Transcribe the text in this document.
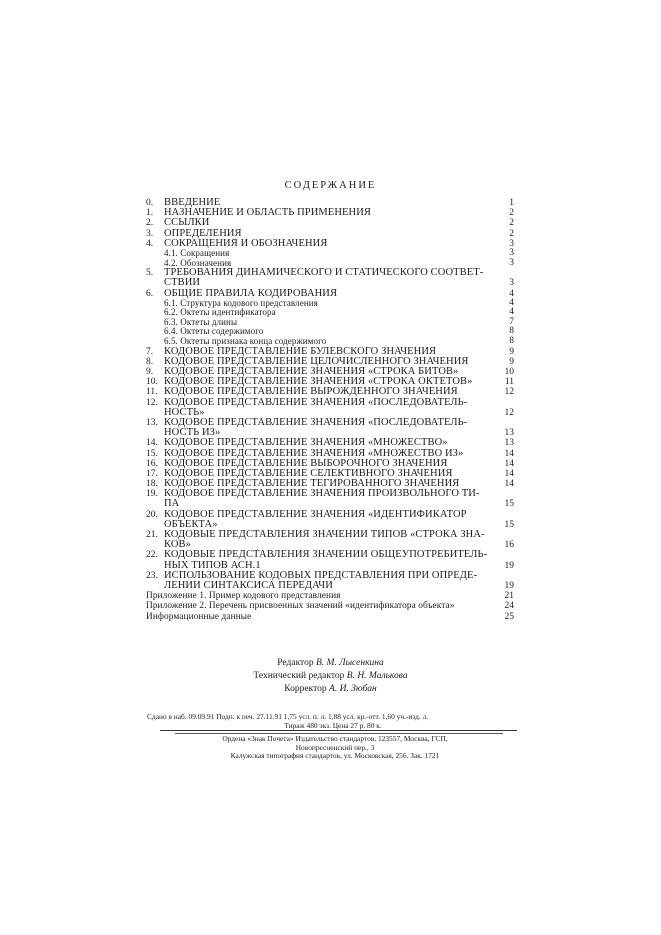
СОДЕРЖАНИЕ
0. ВВЕДЕНИЕ	1
1. НАЗНАЧЕНИЕ И ОБЛАСТЬ ПРИМЕНЕНИЯ	2
2. ССЫЛКИ	2
3. ОПРЕДЕЛЕНИЯ	2
4. СОКРАЩЕНИЯ И ОБОЗНАЧЕНИЯ	3
4.1. Сокращения	3
4.2. Обозначения	3
5. ТРЕБОВАНИЯ ДИНАМИЧЕСКОГО И СТАТИЧЕСКОГО СООТВЕТ-
СТВИЙ	3
6. ОБЩИЕ ПРАВИЛА КОДИРОВАНИЯ	4
6.1. Структура кодового представления	4
6.2. Октеты идентификатора	4
6.3. Октеты длины	7
6.4. Октеты содержимого	8
6.5. Октеты признака конца содержимого	8
7. КОДОВОЕ ПРЕДСТАВЛЕНИЕ БУЛЕВСКОГО ЗНАЧЕНИЯ	9
8. КОДОВОЕ ПРЕДСТАВЛЕНИЕ ЦЕЛОЧИСЛЕННОГО ЗНАЧЕНИЯ	9
9. КОДОВОЕ ПРЕДСТАВЛЕНИЕ ЗНАЧЕНИЯ «СТРОКА БИТОВ»	10
10. КОДОВОЕ ПРЕДСТАВЛЕНИЕ ЗНАЧЕНИЯ «СТРОКА ОКТЕТОВ»	11
11. КОДОВОЕ ПРЕДСТАВЛЕНИЕ ВЫРОЖДЕННОГО ЗНАЧЕНИЯ	12
12. КОДОВОЕ ПРЕДСТАВЛЕНИЕ ЗНАЧЕНИЯ «ПОСЛЕДОВАТЕЛЬ-
НОСТЬ»	12
13. КОДОВОЕ ПРЕДСТАВЛЕНИЕ ЗНАЧЕНИЯ «ПОСЛЕДОВАТЕЛЬ-
НОСТЬ ИЗ»	13
14. КОДОВОЕ ПРЕДСТАВЛЕНИЕ ЗНАЧЕНИЯ «МНОЖЕСТВО»	13
15. КОДОВОЕ ПРЕДСТАВЛЕНИЕ ЗНАЧЕНИЯ «МНОЖЕСТВО ИЗ»	14
16. КОДОВОЕ ПРЕДСТАВЛЕНИЕ ВЫБОРОЧНОГО ЗНАЧЕНИЯ	14
17. КОДОВОЕ ПРЕДСТАВЛЕНИЕ СЕЛЕКТИВНОГО ЗНАЧЕНИЯ	14
18. КОДОВОЕ ПРЕДСТАВЛЕНИЕ ТЕГИРОВАННОГО ЗНАЧЕНИЯ	14
19. КОДОВОЕ ПРЕДСТАВЛЕНИЕ ЗНАЧЕНИЯ ПРОИЗВОЛЬНОГО ТИ-
ПА	15
20. КОДОВОЕ ПРЕДСТАВЛЕНИЕ ЗНАЧЕНИЯ «ИДЕНТИФИКАТОР
ОБЪЕКТА»	15
21. КОДОВЫЕ ПРЕДСТАВЛЕНИЯ ЗНАЧЕНИЙ ТИПОВ «СТРОКА ЗНА-
КОВ»	16
22. КОДОВЫЕ ПРЕДСТАВЛЕНИЯ ЗНАЧЕНИЙ ОБЩЕУПОТРЕБИТЕЛЬ-
НЫХ ТИПОВ АСН.1	19
23. ИСПОЛЬЗОВАНИЕ КОДОВЫХ ПРЕДСТАВЛЕНИЯ ПРИ ОПРЕДЕ-
ЛЕНИИ СИНТАКСИСА ПЕРЕДАЧИ	19
Приложение 1. Пример кодового представления	21
Приложение 2. Перечень присвоенных значений «идентификатора объекта»	24
Информационные данные	25
Редактор В. М. Лысенкина
Технический редактор В. Н. Малькова
Корректор А. И. Зюбан
Сдано в наб. 09.09.91 Подп. к печ. 27.11.91 1,75 усл. п. л. 1,88 усл. кр.-отт. 1,60 уч.-изд. л.
Тираж 480 экз. Цена 27 р. 80 к.
Ордена «Знак Почета» Издательство стандартов, 123557, Москва, ГСП,
Новопресненский пер., 3
Калужская типография стандартов, ул. Московская, 256. Зак. 1721
